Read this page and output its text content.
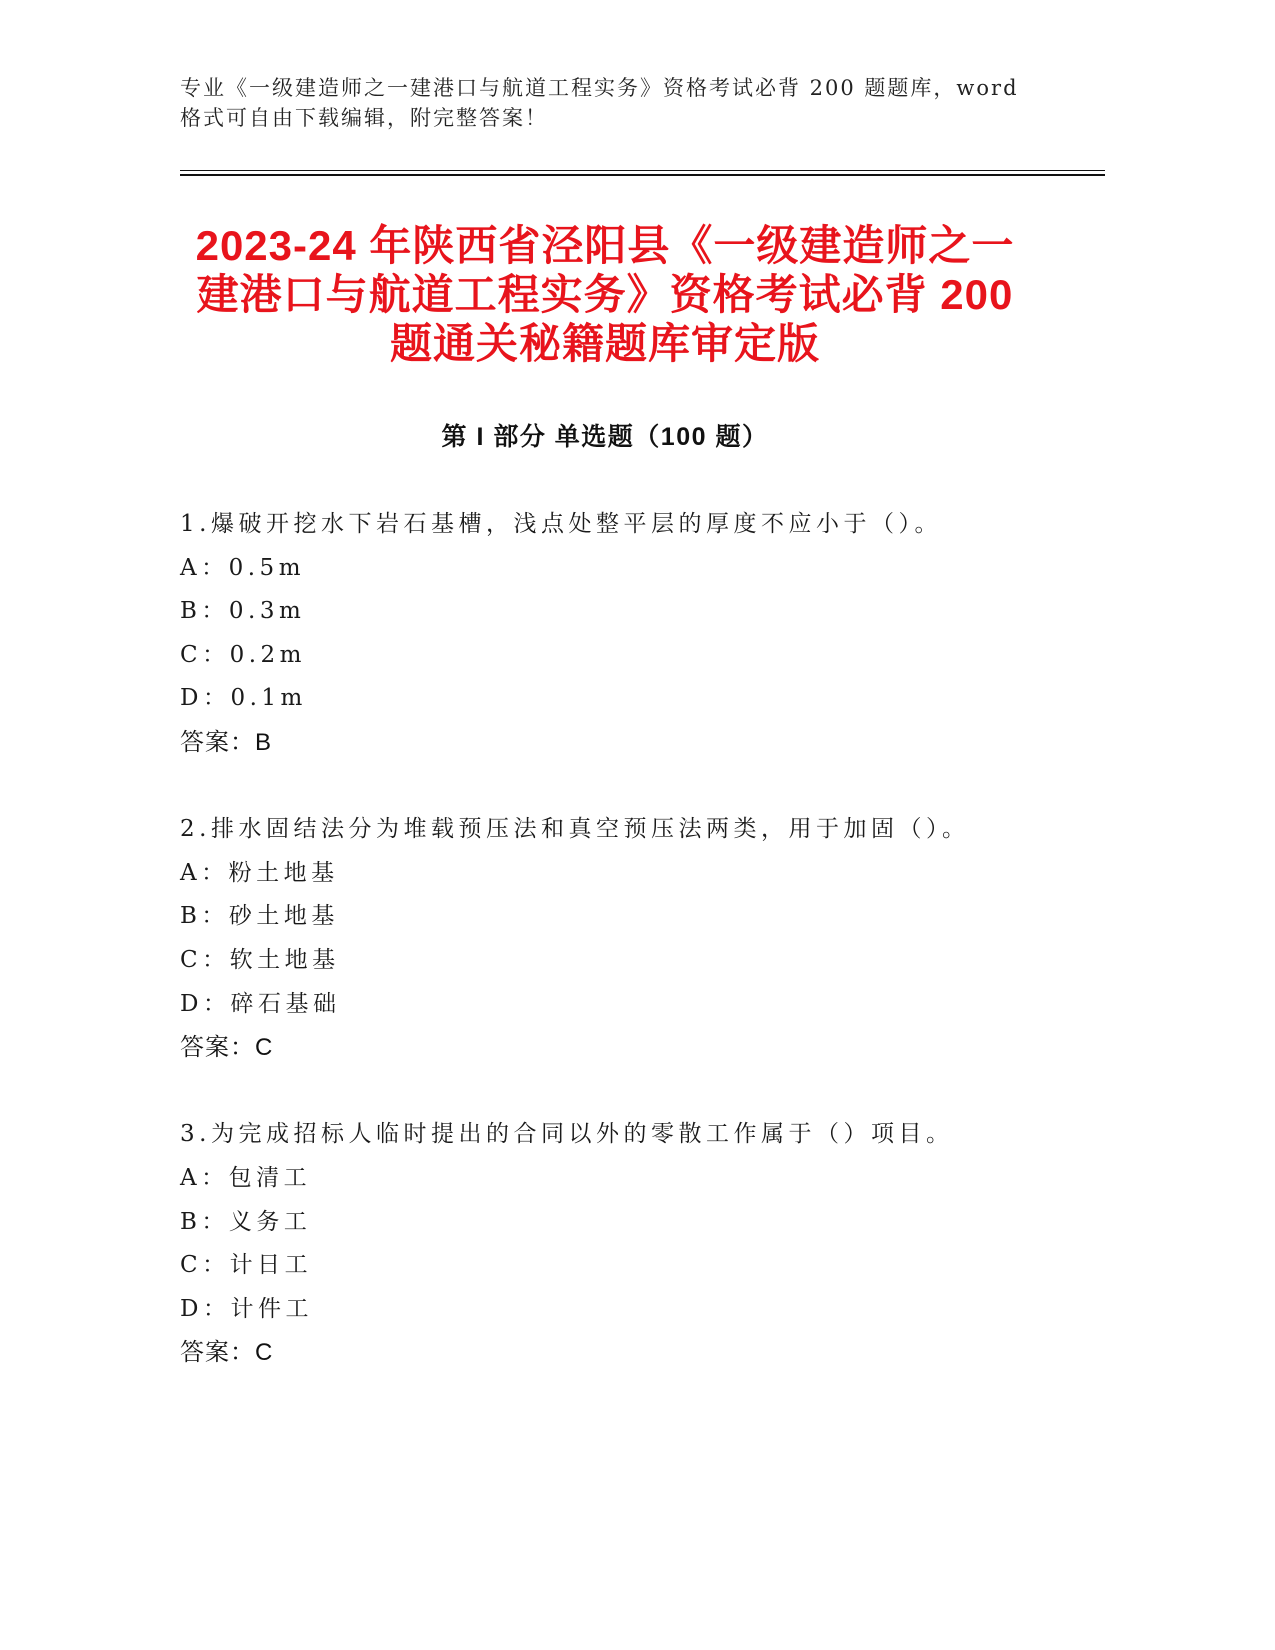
专业《一级建造师之一建港口与航道工程实务》资格考试必背 200 题题库，word
格式可自由下载编辑，附完整答案！
2023-24 年陕西省泾阳县《一级建造师之一
建港口与航道工程实务》资格考试必背 200
题通关秘籍题库审定版
第 I 部分 单选题（100 题）
1.爆破开挖水下岩石基槽，浅点处整平层的厚度不应小于（）。
A：0.5m
B：0.3m
C：0.2m
D：0.1m
答案：B
2.排水固结法分为堆载预压法和真空预压法两类，用于加固（）。
A：粉土地基
B：砂土地基
C：软土地基
D：碎石基础
答案：C
3.为完成招标人临时提出的合同以外的零散工作属于（）项目。
A：包清工
B：义务工
C：计日工
D：计件工
答案：C
